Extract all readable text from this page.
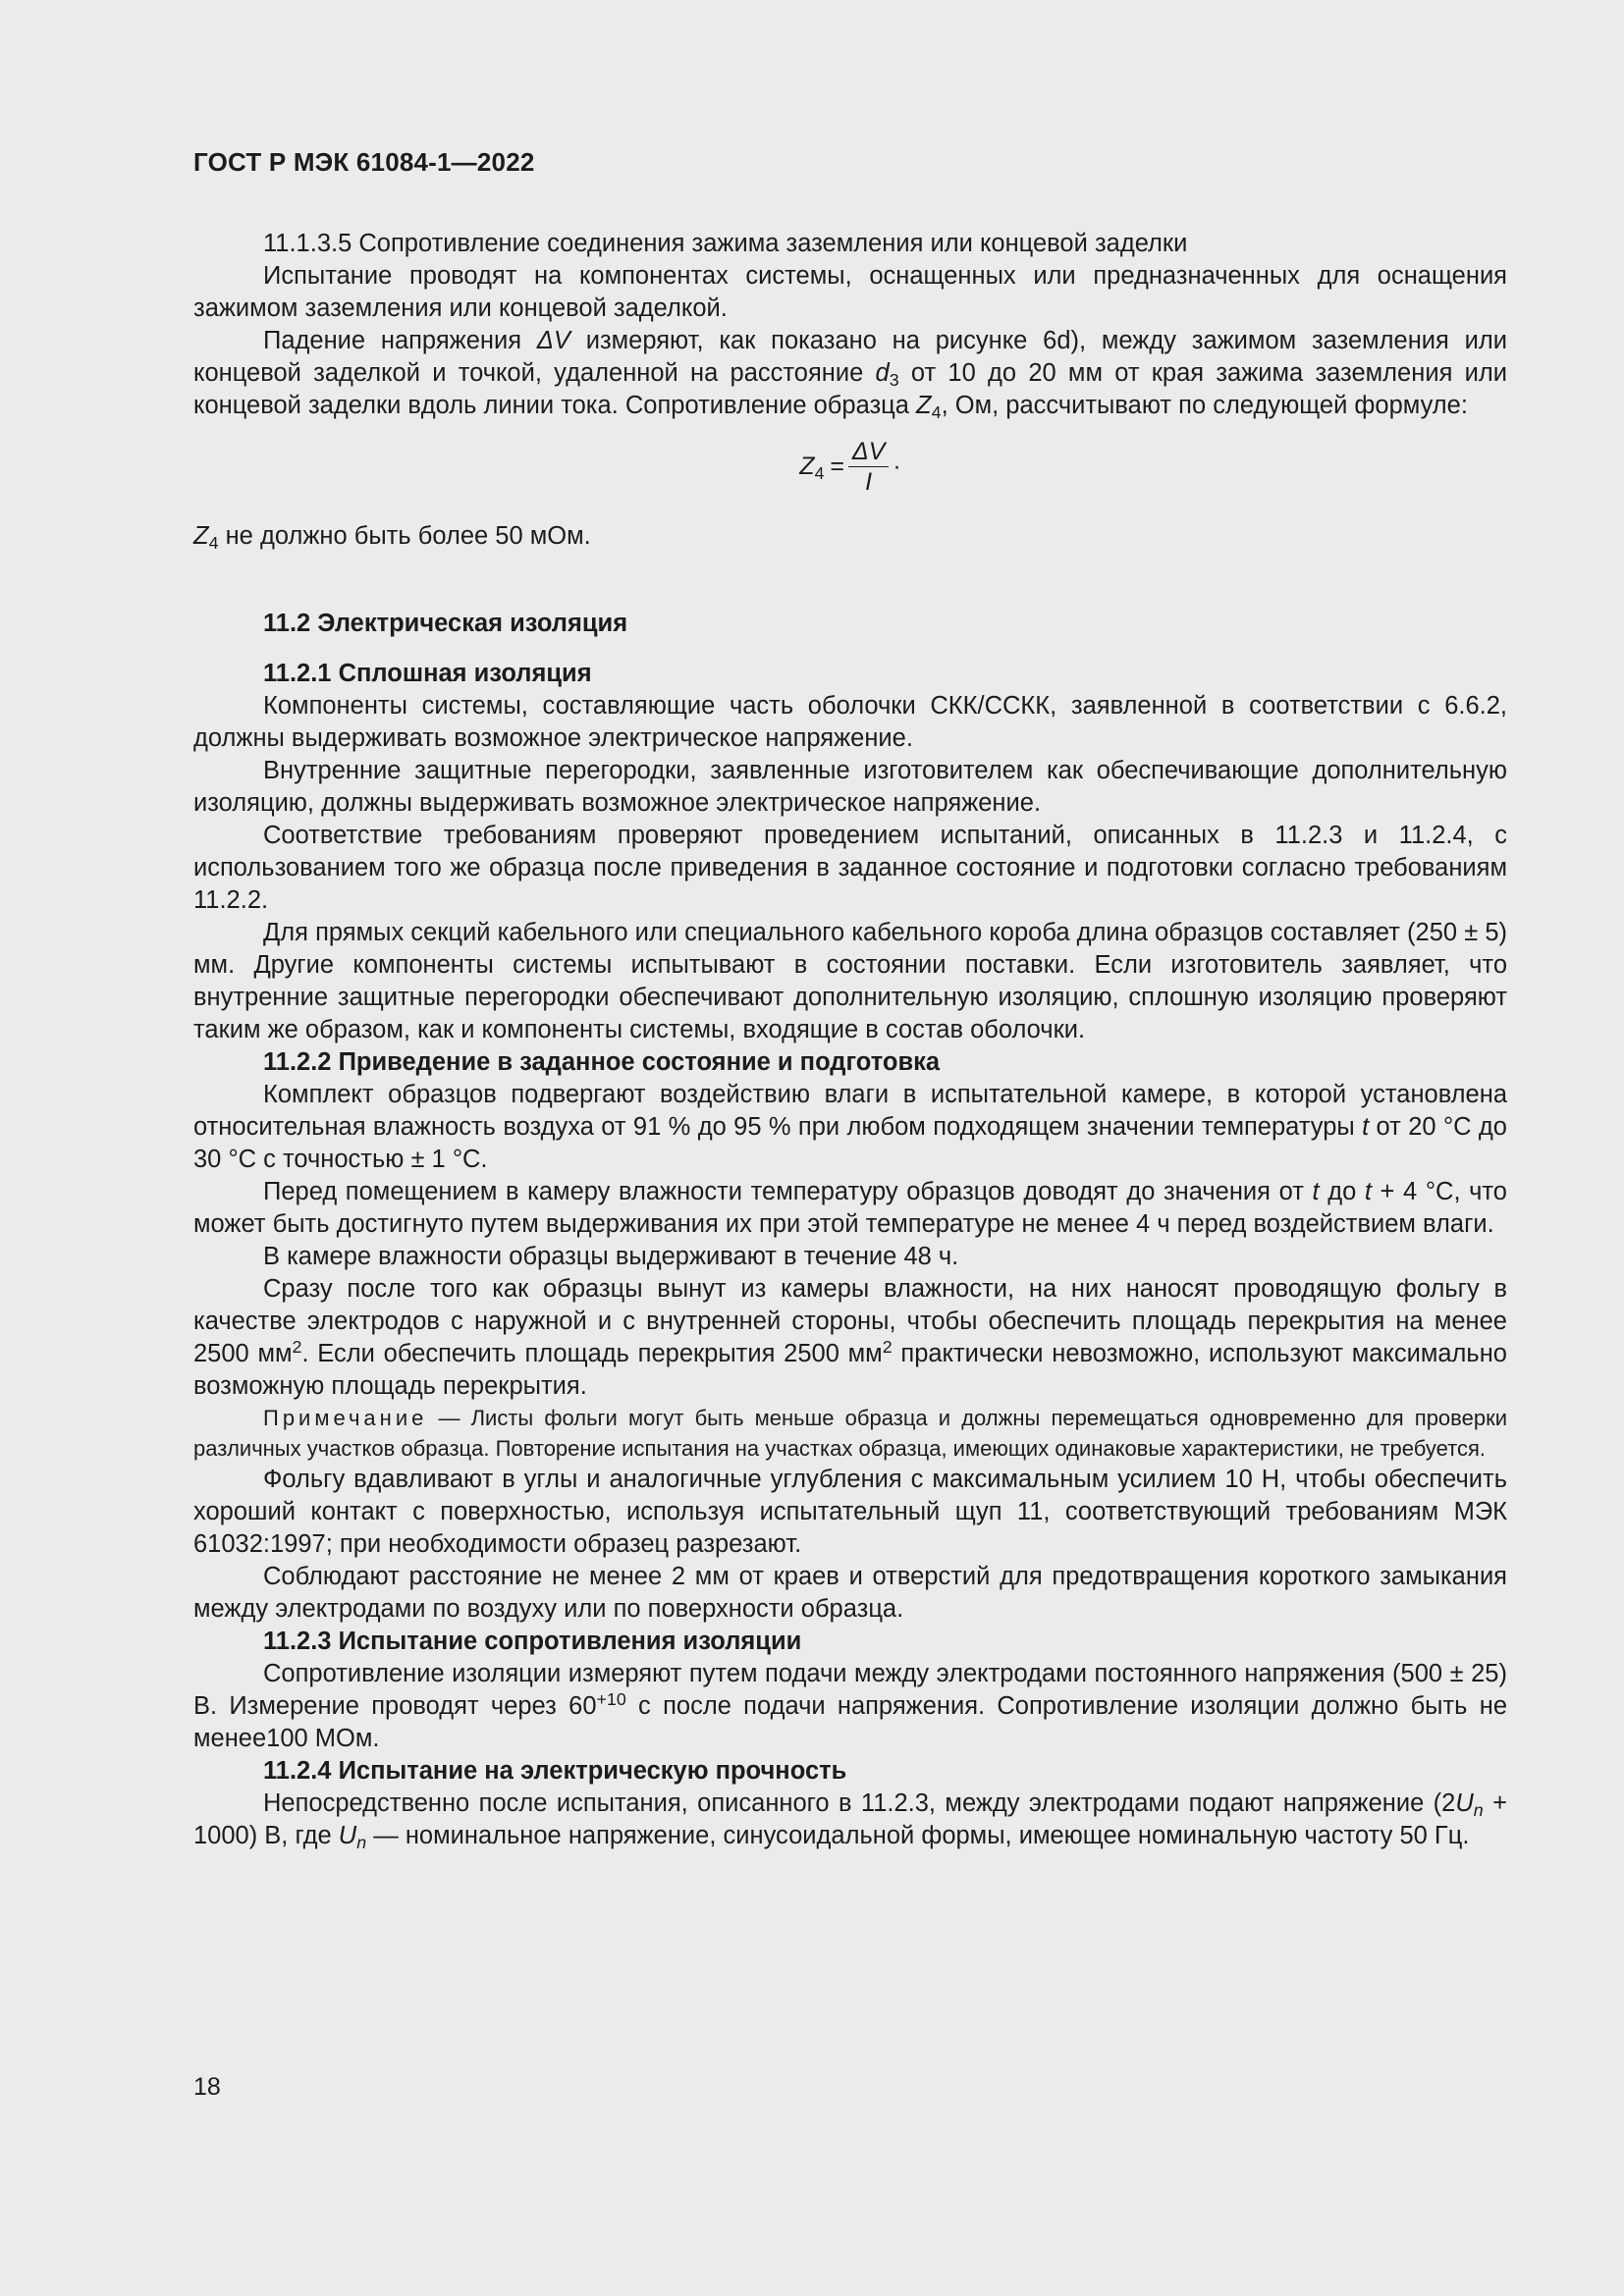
ГОСТ Р МЭК 61084-1—2022

11.1.3.5 Сопротивление соединения зажима заземления или концевой заделки

Испытание проводят на компонентах системы, оснащенных или предназначенных для оснащения зажимом заземления или концевой заделкой.

Падение напряжения ΔV измеряют, как показано на рисунке 6d), между зажимом заземления или концевой заделкой и точкой, удаленной на расстояние $d_3$ от 10 до 20 мм от края зажима заземления или концевой заделки вдоль линии тока. Сопротивление образца $Z_4$, Ом, рассчитывают по следующей формуле:

$Z_4 = \frac{\Delta V}{I}$ ·

$Z_4$ не должно быть более 50 мОм.

11.2 Электрическая изоляция

11.2.1 Сплошная изоляция

Компоненты системы, составляющие часть оболочки СКК/ССКК, заявленной в соответствии с 6.6.2, должны выдерживать возможное электрическое напряжение.

Внутренние защитные перегородки, заявленные изготовителем как обеспечивающие дополнительную изоляцию, должны выдерживать возможное электрическое напряжение.

Соответствие требованиям проверяют проведением испытаний, описанных в 11.2.3 и 11.2.4, с использованием того же образца после приведения в заданное состояние и подготовки согласно требованиям 11.2.2.

Для прямых секций кабельного или специального кабельного короба длина образцов составляет (250 ± 5) мм. Другие компоненты системы испытывают в состоянии поставки. Если изготовитель заявляет, что внутренние защитные перегородки обеспечивают дополнительную изоляцию, сплошную изоляцию проверяют таким же образом, как и компоненты системы, входящие в состав оболочки.

11.2.2 Приведение в заданное состояние и подготовка

Комплект образцов подвергают воздействию влаги в испытательной камере, в которой установлена относительная влажность воздуха от 91 % до 95 % при любом подходящем значении температуры t от 20 °C до 30 °C с точностью ± 1 °C.

Перед помещением в камеру влажности температуру образцов доводят до значения от t до t + 4 °C, что может быть достигнуто путем выдерживания их при этой температуре не менее 4 ч перед воздействием влаги.

В камере влажности образцы выдерживают в течение 48 ч.

Сразу после того как образцы вынут из камеры влажности, на них наносят проводящую фольгу в качестве электродов с наружной и с внутренней стороны, чтобы обеспечить площадь перекрытия на менее 2500 $мм^2$. Если обеспечить площадь перекрытия 2500 $мм^2$ практически невозможно, используют максимально возможную площадь перекрытия.

Примечание — Листы фольги могут быть меньше образца и должны перемещаться одновременно для проверки различных участков образца. Повторение испытания на участках образца, имеющих одинаковые характеристики, не требуется.

Фольгу вдавливают в углы и аналогичные углубления с максимальным усилием 10 Н, чтобы обеспечить хороший контакт с поверхностью, используя испытательный щуп 11, соответствующий требованиям МЭК 61032:1997; при необходимости образец разрезают.

Соблюдают расстояние не менее 2 мм от краев и отверстий для предотвращения короткого замыкания между электродами по воздуху или по поверхности образца.

11.2.3 Испытание сопротивления изоляции

Сопротивление изоляции измеряют путем подачи между электродами постоянного напряжения (500 ± 25) В. Измерение проводят через $60^{+10}$ с после подачи напряжения. Сопротивление изоляции должно быть не менее100 МОм.

11.2.4 Испытание на электрическую прочность

Непосредственно после испытания, описанного в 11.2.3, между электродами подают напряжение $(2U_n + 1000)$ В, где $U_n$ — номинальное напряжение, синусоидальной формы, имеющее номинальную частоту 50 Гц.

18
